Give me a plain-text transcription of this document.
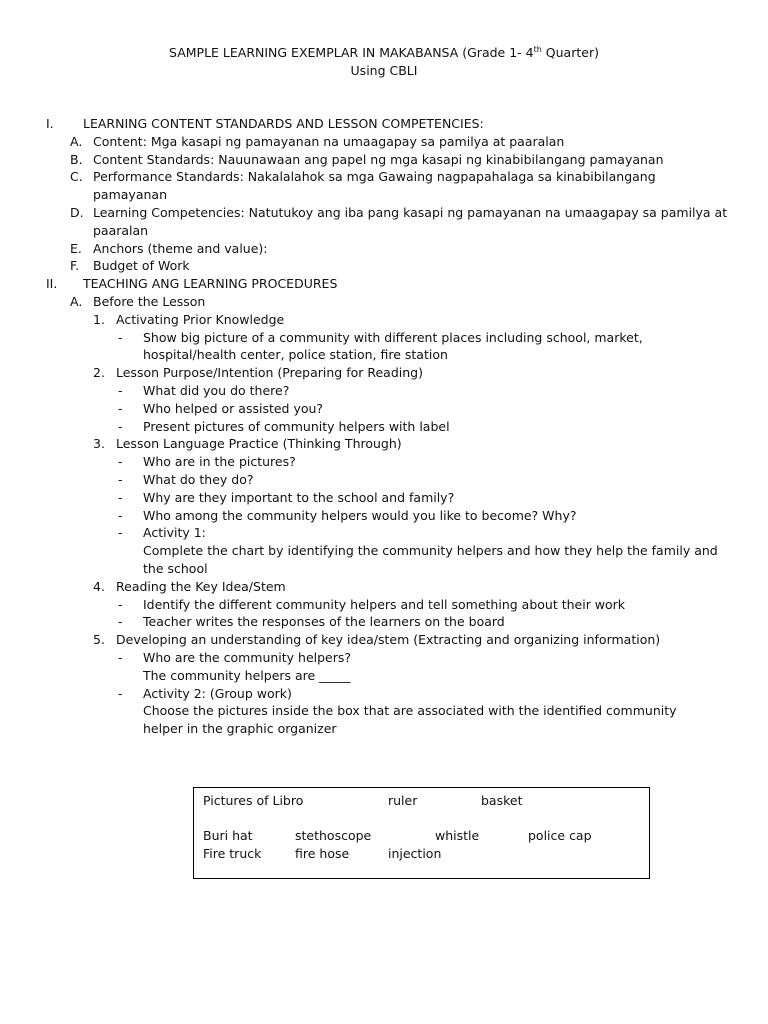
SAMPLE LEARNING EXEMPLAR IN MAKABANSA (Grade 1- 4th Quarter)
Using CBLI
I. LEARNING CONTENT STANDARDS AND LESSON COMPETENCIES:
A. Content: Mga kasapi ng pamayanan na umaagapay sa pamilya at paaralan
B. Content Standards: Nauunawaan ang papel ng mga kasapi ng kinabibilangang pamayanan
C. Performance Standards: Nakalalahok sa mga Gawaing nagpapahalaga sa kinabibilangang
pamayanan
D. Learning Competencies: Natutukoy ang iba pang kasapi ng pamayanan na umaagapay sa pamilya at
paaralan
E. Anchors (theme and value):
F. Budget of Work
II. TEACHING ANG LEARNING PROCEDURES
A. Before the Lesson
1. Activating Prior Knowledge
- Show big picture of a community with different places including school, market,
hospital/health center, police station, fire station
2. Lesson Purpose/Intention (Preparing for Reading)
- What did you do there?
- Who helped or assisted you?
- Present pictures of community helpers with label
3. Lesson Language Practice (Thinking Through)
- Who are in the pictures?
- What do they do?
- Why are they important to the school and family?
- Who among the community helpers would you like to become? Why?
- Activity 1:
Complete the chart by identifying the community helpers and how they help the family and
the school
4. Reading the Key Idea/Stem
- Identify the different community helpers and tell something about their work
- Teacher writes the responses of the learners on the board
5. Developing an understanding of key idea/stem (Extracting and organizing information)
- Who are the community helpers?
The community helpers are _____
- Activity 2: (Group work)
Choose the pictures inside the box that are associated with the identified community
helper in the graphic organizer
Pictures of Libro	ruler	basket
Buri hat	stethoscope	whistle	police cap
Fire truck	fire hose	injection
